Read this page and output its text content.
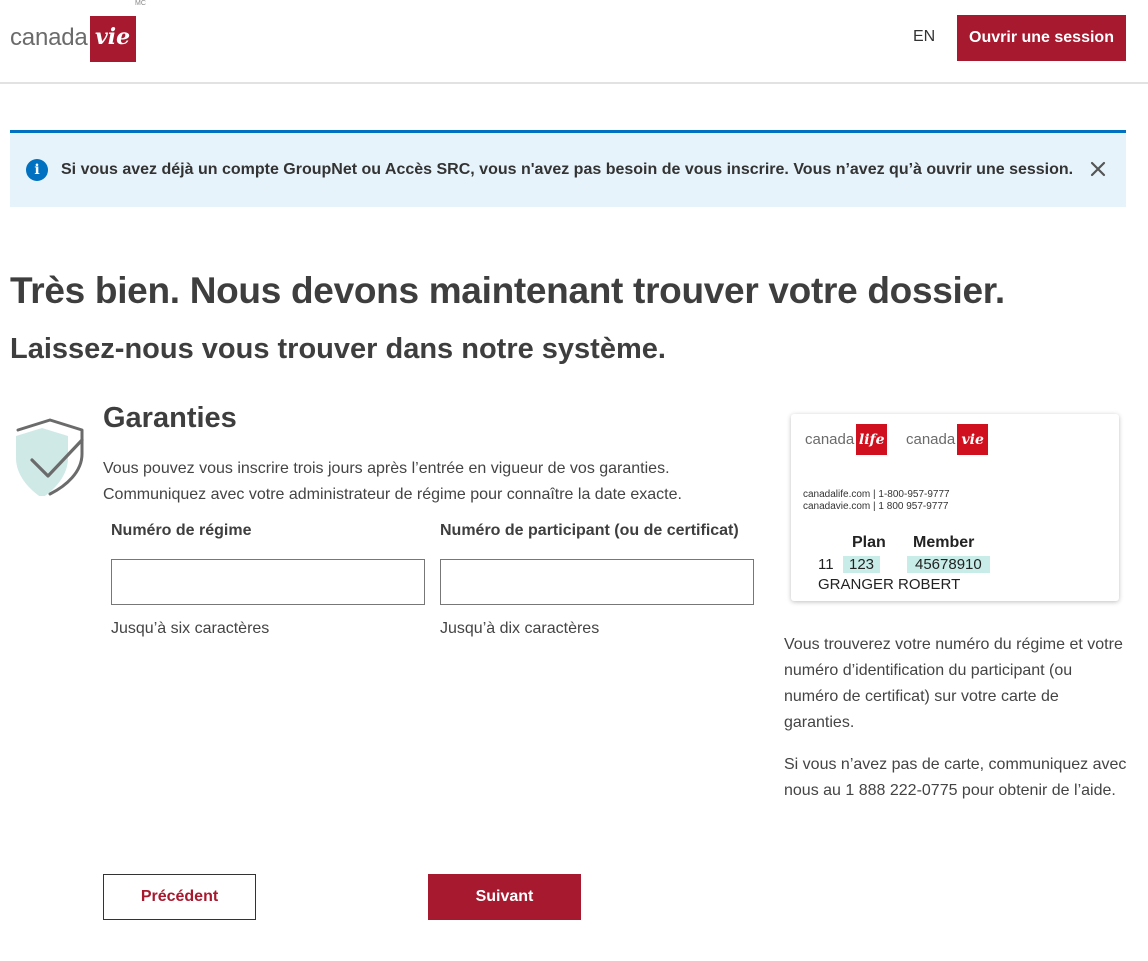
canada vie
MC
EN	Ouvrir une session
i	Si vous avez déjà un compte GroupNet ou Accès SRC, vous n'avez pas besoin de vous inscrire. Vous n’avez qu’à ouvrir une session.
Très bien. Nous devons maintenant trouver votre dossier.
Laissez-nous vous trouver dans notre système.
Garanties
Vous pouvez vous inscrire trois jours après l’entrée en vigueur de vos garanties.
Communiquez avec votre administrateur de régime pour connaître la date exacte.
Numéro de régime
Jusqu’à six caractères
Numéro de participant (ou de certificat)
Jusqu’à dix caractères
canada life canada vie
canadalife.com | 1-800-957-9777
canadavie.com | 1 800 957-9777
Plan Member
11	123	45678910
GRANGER ROBERT

Vous trouverez votre numéro du régime et votre numéro d’identification du participant (ou numéro de certificat) sur votre carte de garanties.

Si vous n’avez pas de carte, communiquez avec nous au 1 888 222-0775 pour obtenir de l’aide.

Précédent	Suivant
